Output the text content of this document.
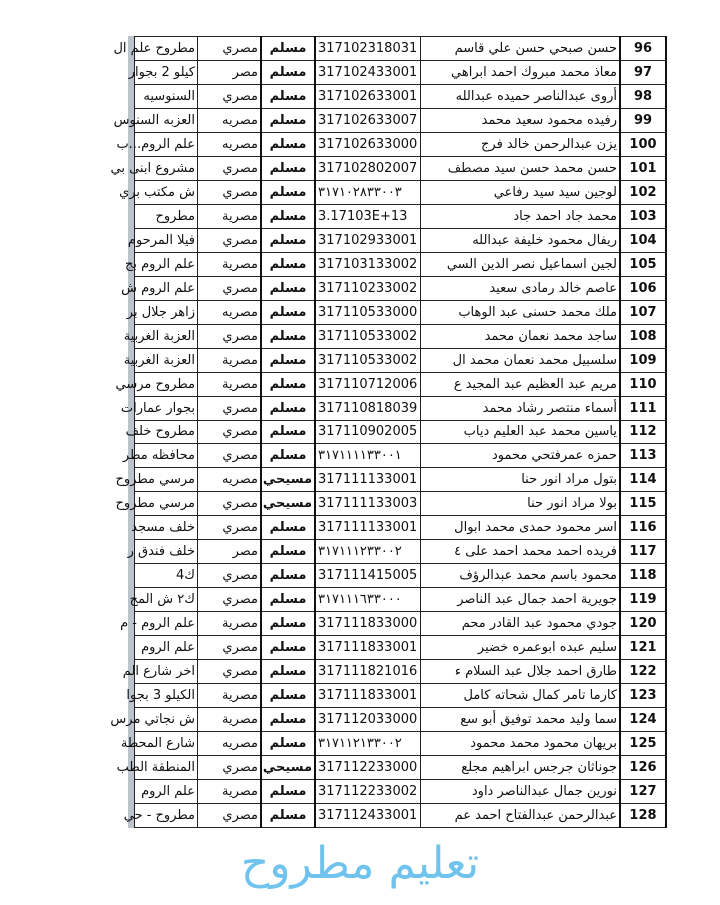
مطروح علم ال	مصري	مسلم	317102318031	حسن صبحي حسن علي قاسم	96
كيلو 2 بجوار	مصر	مسلم	317102433001	معاذ محمد مبروك احمد ابراهي	97
السنوسيه	مصري	مسلم	317102633001	أروى عبدالناصر حميده عبدالله	98
العزبه السنوس	مصريه	مسلم	317102633007	رفيده محمود سعيد محمد	99
علم الروم...ب	مصريه	مسلم	317102633000	يزن عبدالرحمن خالد فرج	100
مشروع ابنى بي	مصري	مسلم	317102802007	حسن محمد حسن سيد مصطف	101
ش مكتب بري	مصري	مسلم	٣١٧١٠٢٨٣٣٠٠٣	لوجين سيد سيد رفاعي	102
مطروح	مصرية	مسلم	3.17103E+13	محمد جاد احمد جاد	103
فيلا المرحوم	مصري	مسلم	317102933001	ريفال محمود خليفة عبدالله	104
علم الروم بج	مصرية	مسلم	317103133002	لجين اسماعيل نصر الدين السي	105
علم الروم ش	مصري	مسلم	317110233002	عاصم خالد رمادى سعيد	106
زاهر جلال بر	مصريه	مسلم	317110533000	ملك محمد حسنى عبد الوهاب	107
العزبة الغربية	مصري	مسلم	317110533002	ساجد محمد نعمان محمد	108
العزبة الغربية	مصرية	مسلم	317110533002	سلسبيل محمد نعمان محمد ال	109
مطروح مرسي	مصرية	مسلم	317110712006	مريم عبد العظيم عبد المجيد ع	110
بجوار عمارات	مصري	مسلم	317110818039	أسماء منتصر رشاد محمد	111
مطروح خلف	مصري	مسلم	317110902005	ياسين محمد عبد العليم دياب	112
محافظه مطر	مصري	مسلم	٣١٧١١١١٣٣٠٠١	حمزه عمرفتحي محمود	113
مرسي مطروح	مصريه	مسيحي	317111133001	بتول مراد انور حنا	114
مرسي مطروح	مصري	مسيحي	317111133003	بولا مراد انور حنا	115
خلف مسجد	مصري	مسلم	317111133001	اسر محمود حمدى محمد ابوال	116
خلف فندق ر	مصر	مسلم	٣١٧١١١٢٣٣٠٠٢	فريده احمد محمد احمد على ٤	117
ك4	مصري	مسلم	317111415005	محمود باسم محمد عبدالرؤف	118
ك٢ ش المج	مصري	مسلم	٣١٧١١١٦٣٣٠٠٠	جويرية احمد جمال عبد الناصر	119
علم الروم - م	مصرية	مسلم	317111833000	جودي محمود عبد القادر محم	120
علم الروم	مصري	مسلم	317111833001	سليم عبده ابوعمره خضير	121
اخر شارع الم	مصري	مسلم	317111821016	طارق احمد جلال عبد السلام ء	122
الكيلو 3 بجوا	مصرية	مسلم	317111833001	كارما تامر كمال شحاته كامل	123
ش نجاتي مرس	مصرية	مسلم	317112033000	سما وليد محمد توفيق أبو سع	124
شارع المحطة	مصريه	مسلم	٣١٧١١٢١٣٣٠٠٢	بريهان محمود محمد محمود	125
المنطقة الطب	مصري	مسيحي	317112233000	جوناثان جرجس ابراهيم مجلع	126
علم الروم	مصرية	مسلم	317112233002	نورين جمال عبدالناصر داود	127
مطروح - حي	مصري	مسلم	317112433001	عبدالرحمن عبدالفتاح احمد عم	128
تعليم مطروح
